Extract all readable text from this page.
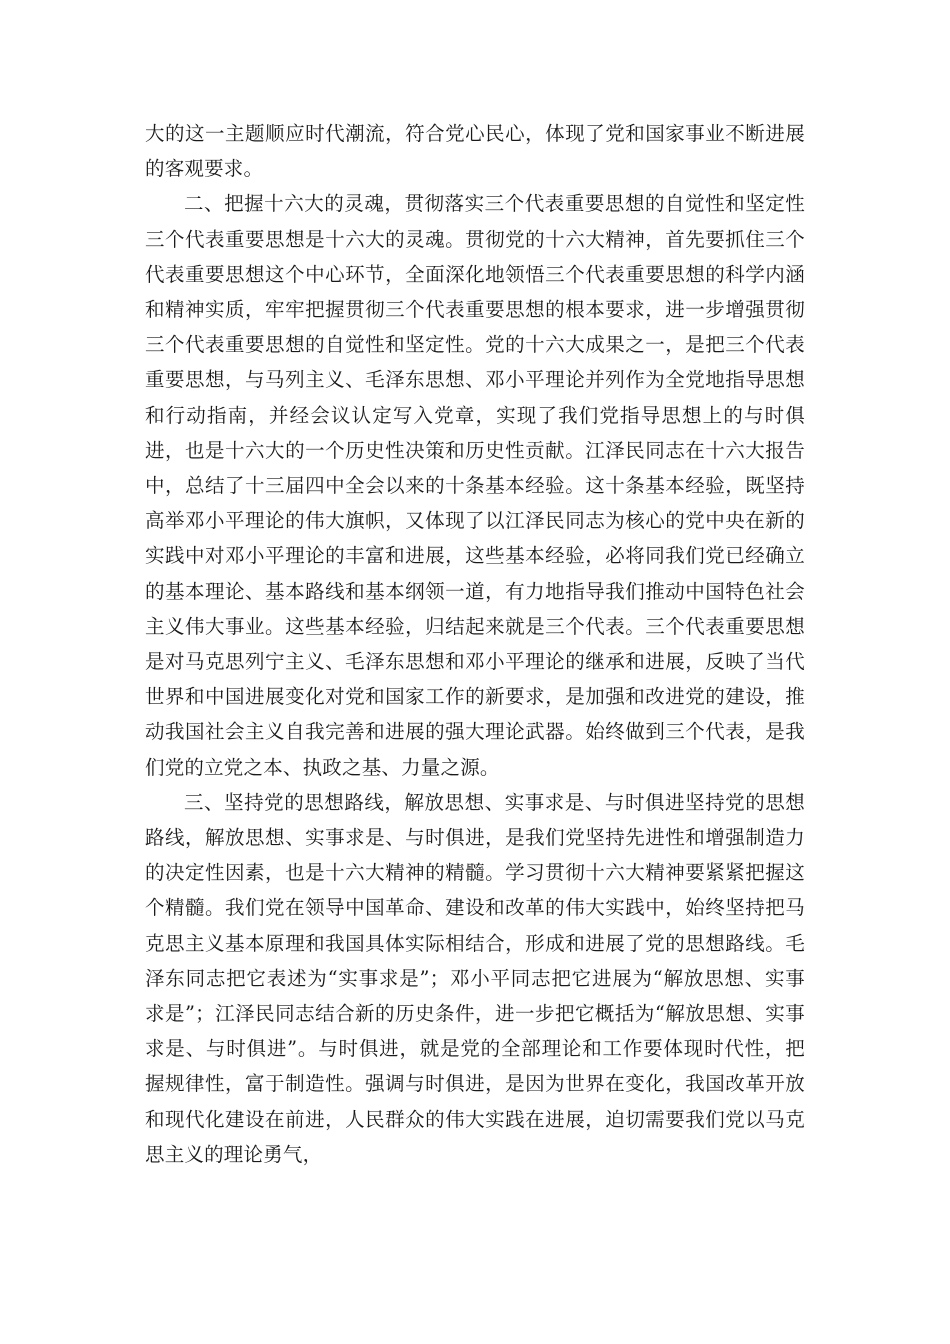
大的这一主题顺应时代潮流，符合党心民心，体现了党和国家事业不断进展的客观要求。

二、把握十六大的灵魂，贯彻落实三个代表重要思想的自觉性和坚定性三个代表重要思想是十六大的灵魂。贯彻党的十六大精神，首先要抓住三个代表重要思想这个中心环节，全面深化地领悟三个代表重要思想的科学内涵和精神实质，牢牢把握贯彻三个代表重要思想的根本要求，进一步增强贯彻三个代表重要思想的自觉性和坚定性。党的十六大成果之一，是把三个代表重要思想，与马列主义、毛泽东思想、邓小平理论并列作为全党地指导思想和行动指南，并经会议认定写入党章，实现了我们党指导思想上的与时俱进，也是十六大的一个历史性决策和历史性贡献。江泽民同志在十六大报告中，总结了十三届四中全会以来的十条基本经验。这十条基本经验，既坚持高举邓小平理论的伟大旗帜，又体现了以江泽民同志为核心的党中央在新的实践中对邓小平理论的丰富和进展，这些基本经验，必将同我们党已经确立的基本理论、基本路线和基本纲领一道，有力地指导我们推动中国特色社会主义伟大事业。这些基本经验，归结起来就是三个代表。三个代表重要思想是对马克思列宁主义、毛泽东思想和邓小平理论的继承和进展，反映了当代世界和中国进展变化对党和国家工作的新要求，是加强和改进党的建设，推动我国社会主义自我完善和进展的强大理论武器。始终做到三个代表，是我们党的立党之本、执政之基、力量之源。

三、坚持党的思想路线，解放思想、实事求是、与时俱进坚持党的思想路线，解放思想、实事求是、与时俱进，是我们党坚持先进性和增强制造力的决定性因素，也是十六大精神的精髓。学习贯彻十六大精神要紧紧把握这个精髓。我们党在领导中国革命、建设和改革的伟大实践中，始终坚持把马克思主义基本原理和我国具体实际相结合，形成和进展了党的思想路线。毛泽东同志把它表述为“实事求是”；邓小平同志把它进展为“解放思想、实事求是”；江泽民同志结合新的历史条件，进一步把它概括为“解放思想、实事求是、与时俱进”。与时俱进，就是党的全部理论和工作要体现时代性，把握规律性，富于制造性。强调与时俱进，是因为世界在变化，我国改革开放和现代化建设在前进，人民群众的伟大实践在进展，迫切需要我们党以马克思主义的理论勇气，
